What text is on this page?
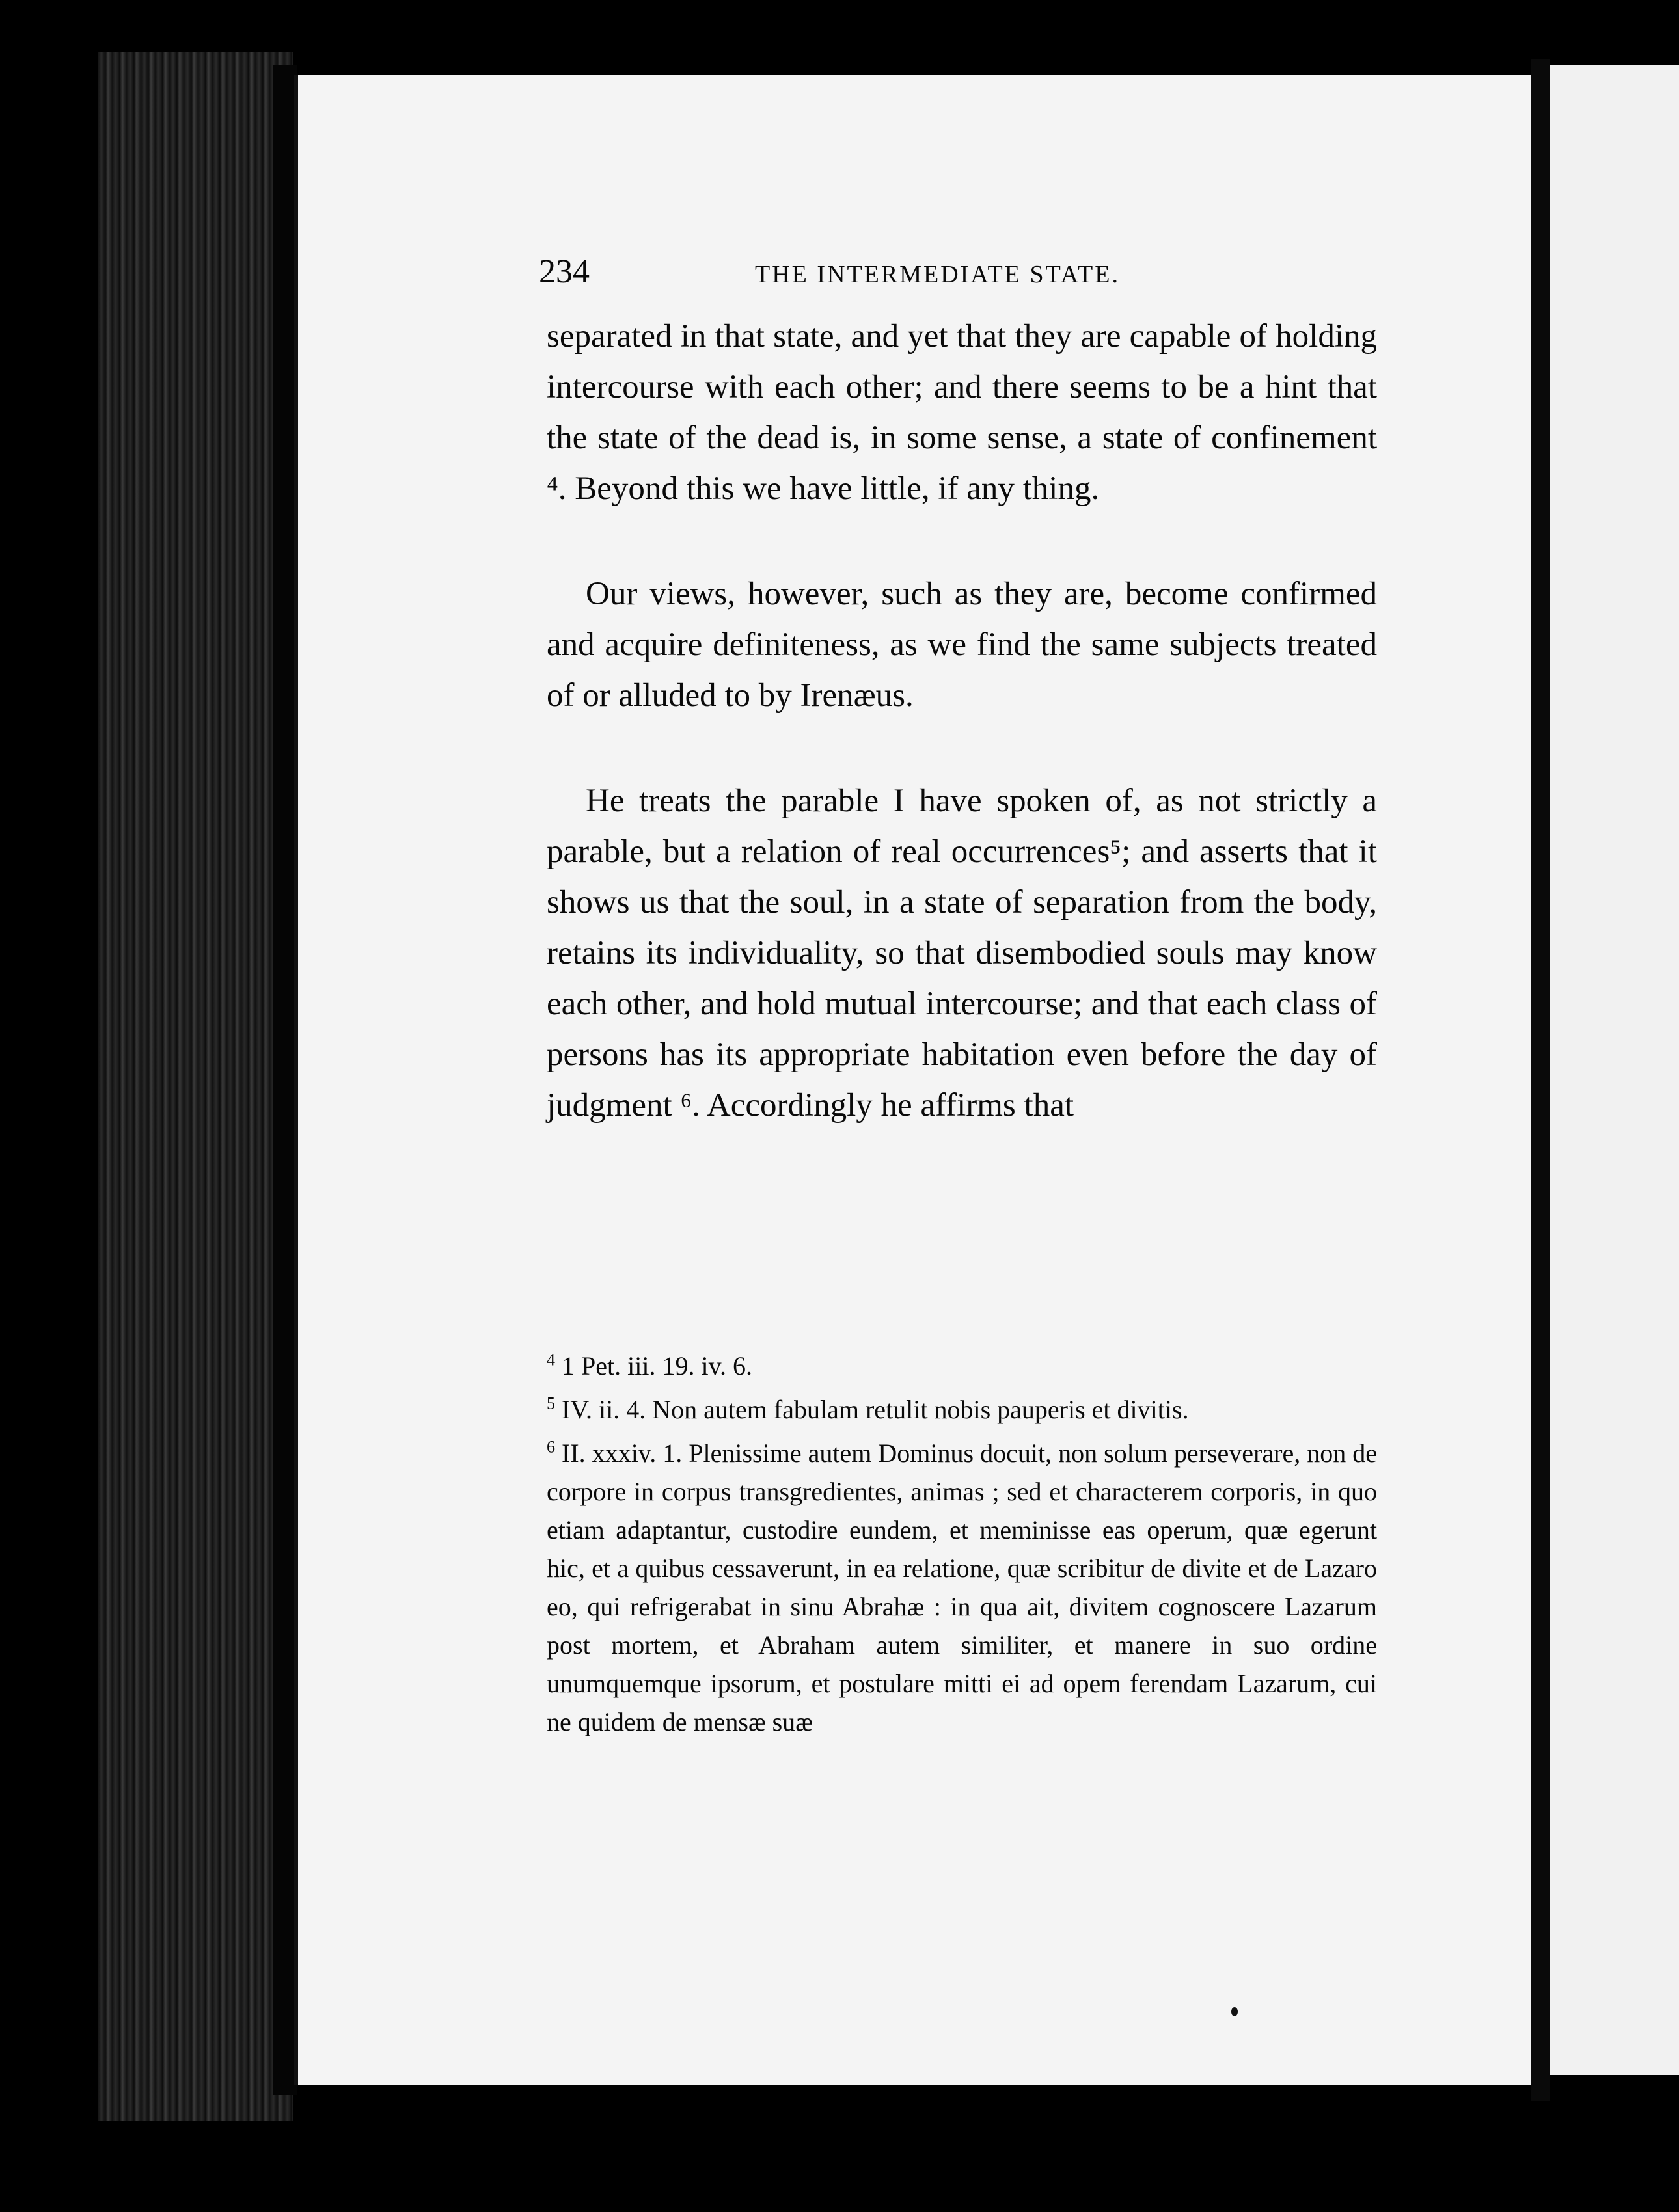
234	THE INTERMEDIATE STATE.

separated in that state, and yet that they are capable of holding intercourse with each other; and there seems to be a hint that the state of the dead is, in some sense, a state of confinement ⁴. Beyond this we have little, if any thing.

Our views, however, such as they are, become confirmed and acquire definiteness, as we find the same subjects treated of or alluded to by Irenæus.

He treats the parable I have spoken of, as not strictly a parable, but a relation of real occurrences⁵; and asserts that it shows us that the soul, in a state of separation from the body, retains its individuality, so that disembodied souls may know each other, and hold mutual intercourse; and that each class of persons has its appropriate habitation even before the day of judgment ⁶. Accordingly he affirms that

$^4$ 1 Pet. iii. 19. iv. 6.

$^5$ IV. ii. 4. Non autem fabulam retulit nobis pauperis et divitis.

$^6$ II. xxxiv. 1. Plenissime autem Dominus docuit, non solum perseverare, non de corpore in corpus transgredientes, animas ; sed et characterem corporis, in quo etiam adaptantur, custodire eundem, et meminisse eas operum, quæ egerunt hic, et a quibus cessaverunt, in ea relatione, quæ scribitur de divite et de Lazaro eo, qui refrigerabat in sinu Abrahæ : in qua ait, divitem cognoscere Lazarum post mortem, et Abraham autem similiter, et manere in suo ordine unumquemque ipsorum, et postulare mitti ei ad opem ferendam Lazarum, cui ne quidem de mensæ suæ
